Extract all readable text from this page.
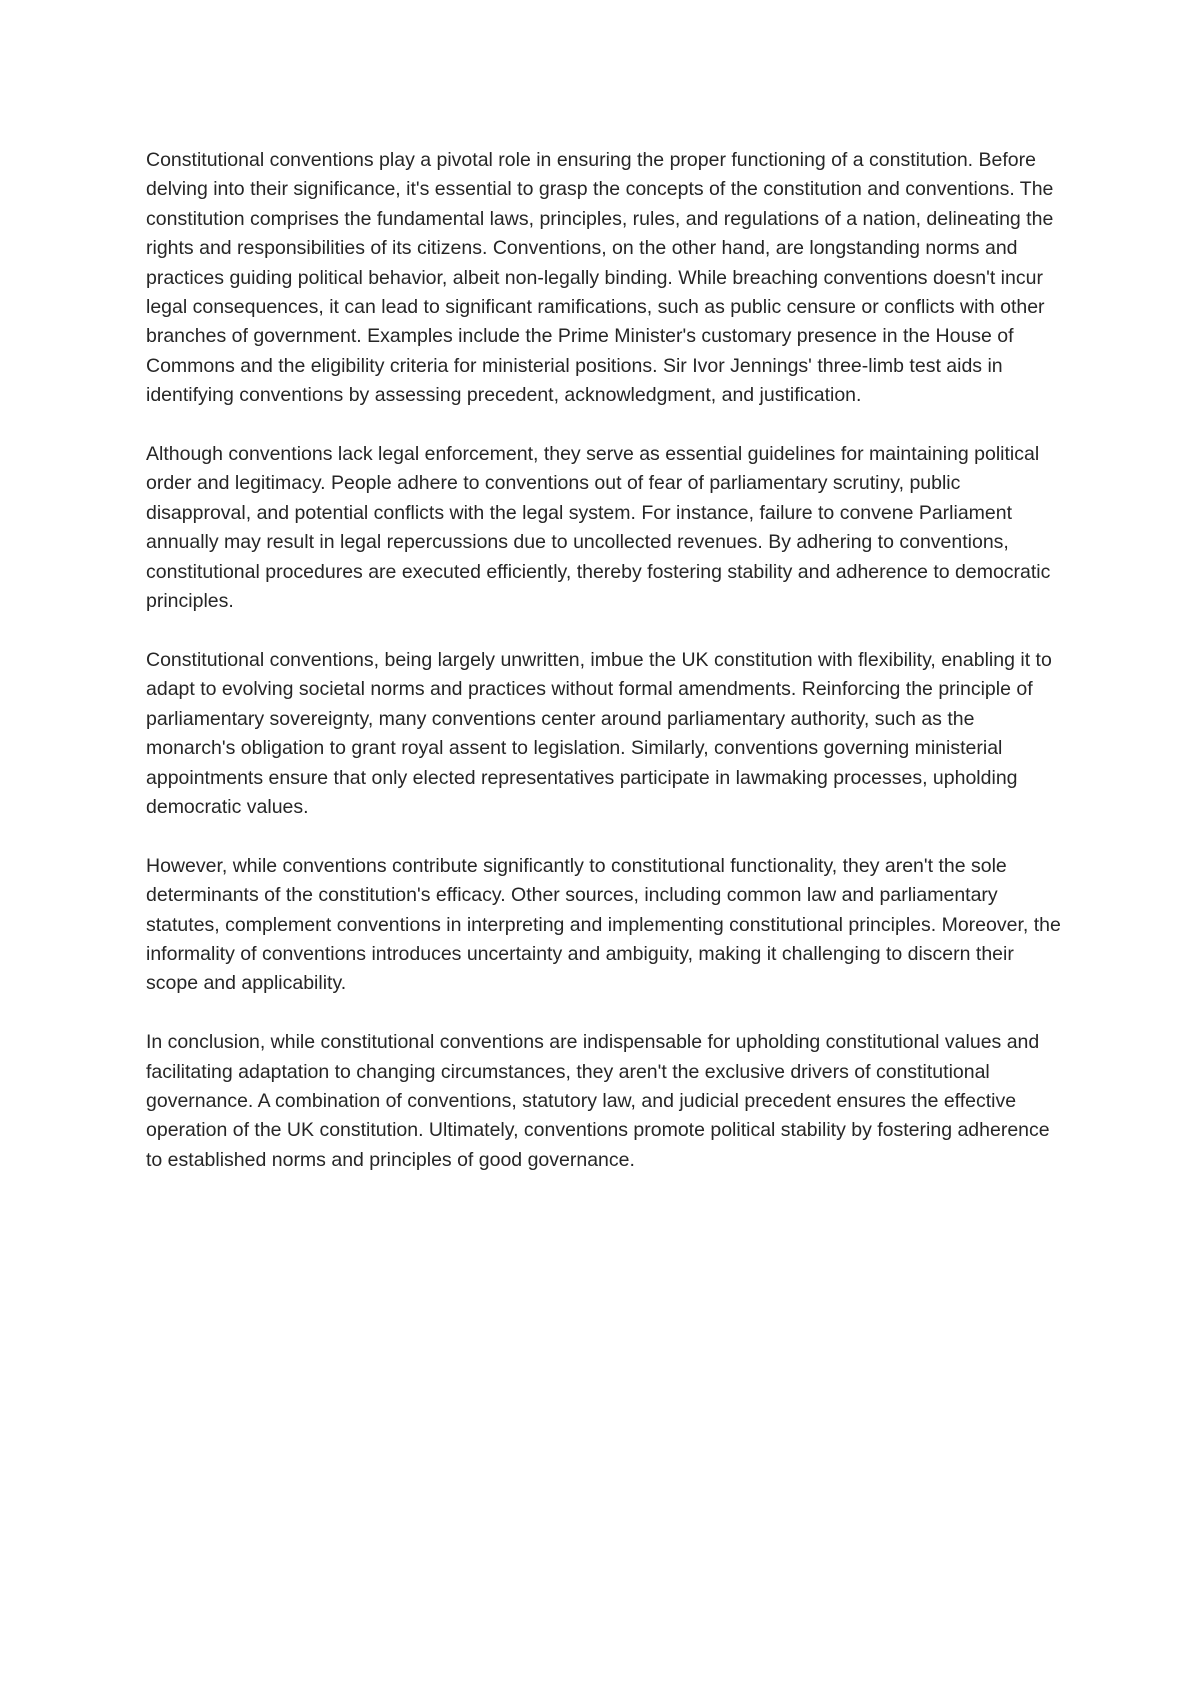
Constitutional conventions play a pivotal role in ensuring the proper functioning of a constitution. Before delving into their significance, it's essential to grasp the concepts of the constitution and conventions. The constitution comprises the fundamental laws, principles, rules, and regulations of a nation, delineating the rights and responsibilities of its citizens. Conventions, on the other hand, are longstanding norms and practices guiding political behavior, albeit non-legally binding. While breaching conventions doesn't incur legal consequences, it can lead to significant ramifications, such as public censure or conflicts with other branches of government. Examples include the Prime Minister's customary presence in the House of Commons and the eligibility criteria for ministerial positions. Sir Ivor Jennings' three-limb test aids in identifying conventions by assessing precedent, acknowledgment, and justification.

Although conventions lack legal enforcement, they serve as essential guidelines for maintaining political order and legitimacy. People adhere to conventions out of fear of parliamentary scrutiny, public disapproval, and potential conflicts with the legal system. For instance, failure to convene Parliament annually may result in legal repercussions due to uncollected revenues. By adhering to conventions, constitutional procedures are executed efficiently, thereby fostering stability and adherence to democratic principles.

Constitutional conventions, being largely unwritten, imbue the UK constitution with flexibility, enabling it to adapt to evolving societal norms and practices without formal amendments. Reinforcing the principle of parliamentary sovereignty, many conventions center around parliamentary authority, such as the monarch's obligation to grant royal assent to legislation. Similarly, conventions governing ministerial appointments ensure that only elected representatives participate in lawmaking processes, upholding democratic values.

However, while conventions contribute significantly to constitutional functionality, they aren't the sole determinants of the constitution's efficacy. Other sources, including common law and parliamentary statutes, complement conventions in interpreting and implementing constitutional principles. Moreover, the informality of conventions introduces uncertainty and ambiguity, making it challenging to discern their scope and applicability.

In conclusion, while constitutional conventions are indispensable for upholding constitutional values and facilitating adaptation to changing circumstances, they aren't the exclusive drivers of constitutional governance. A combination of conventions, statutory law, and judicial precedent ensures the effective operation of the UK constitution. Ultimately, conventions promote political stability by fostering adherence to established norms and principles of good governance.
